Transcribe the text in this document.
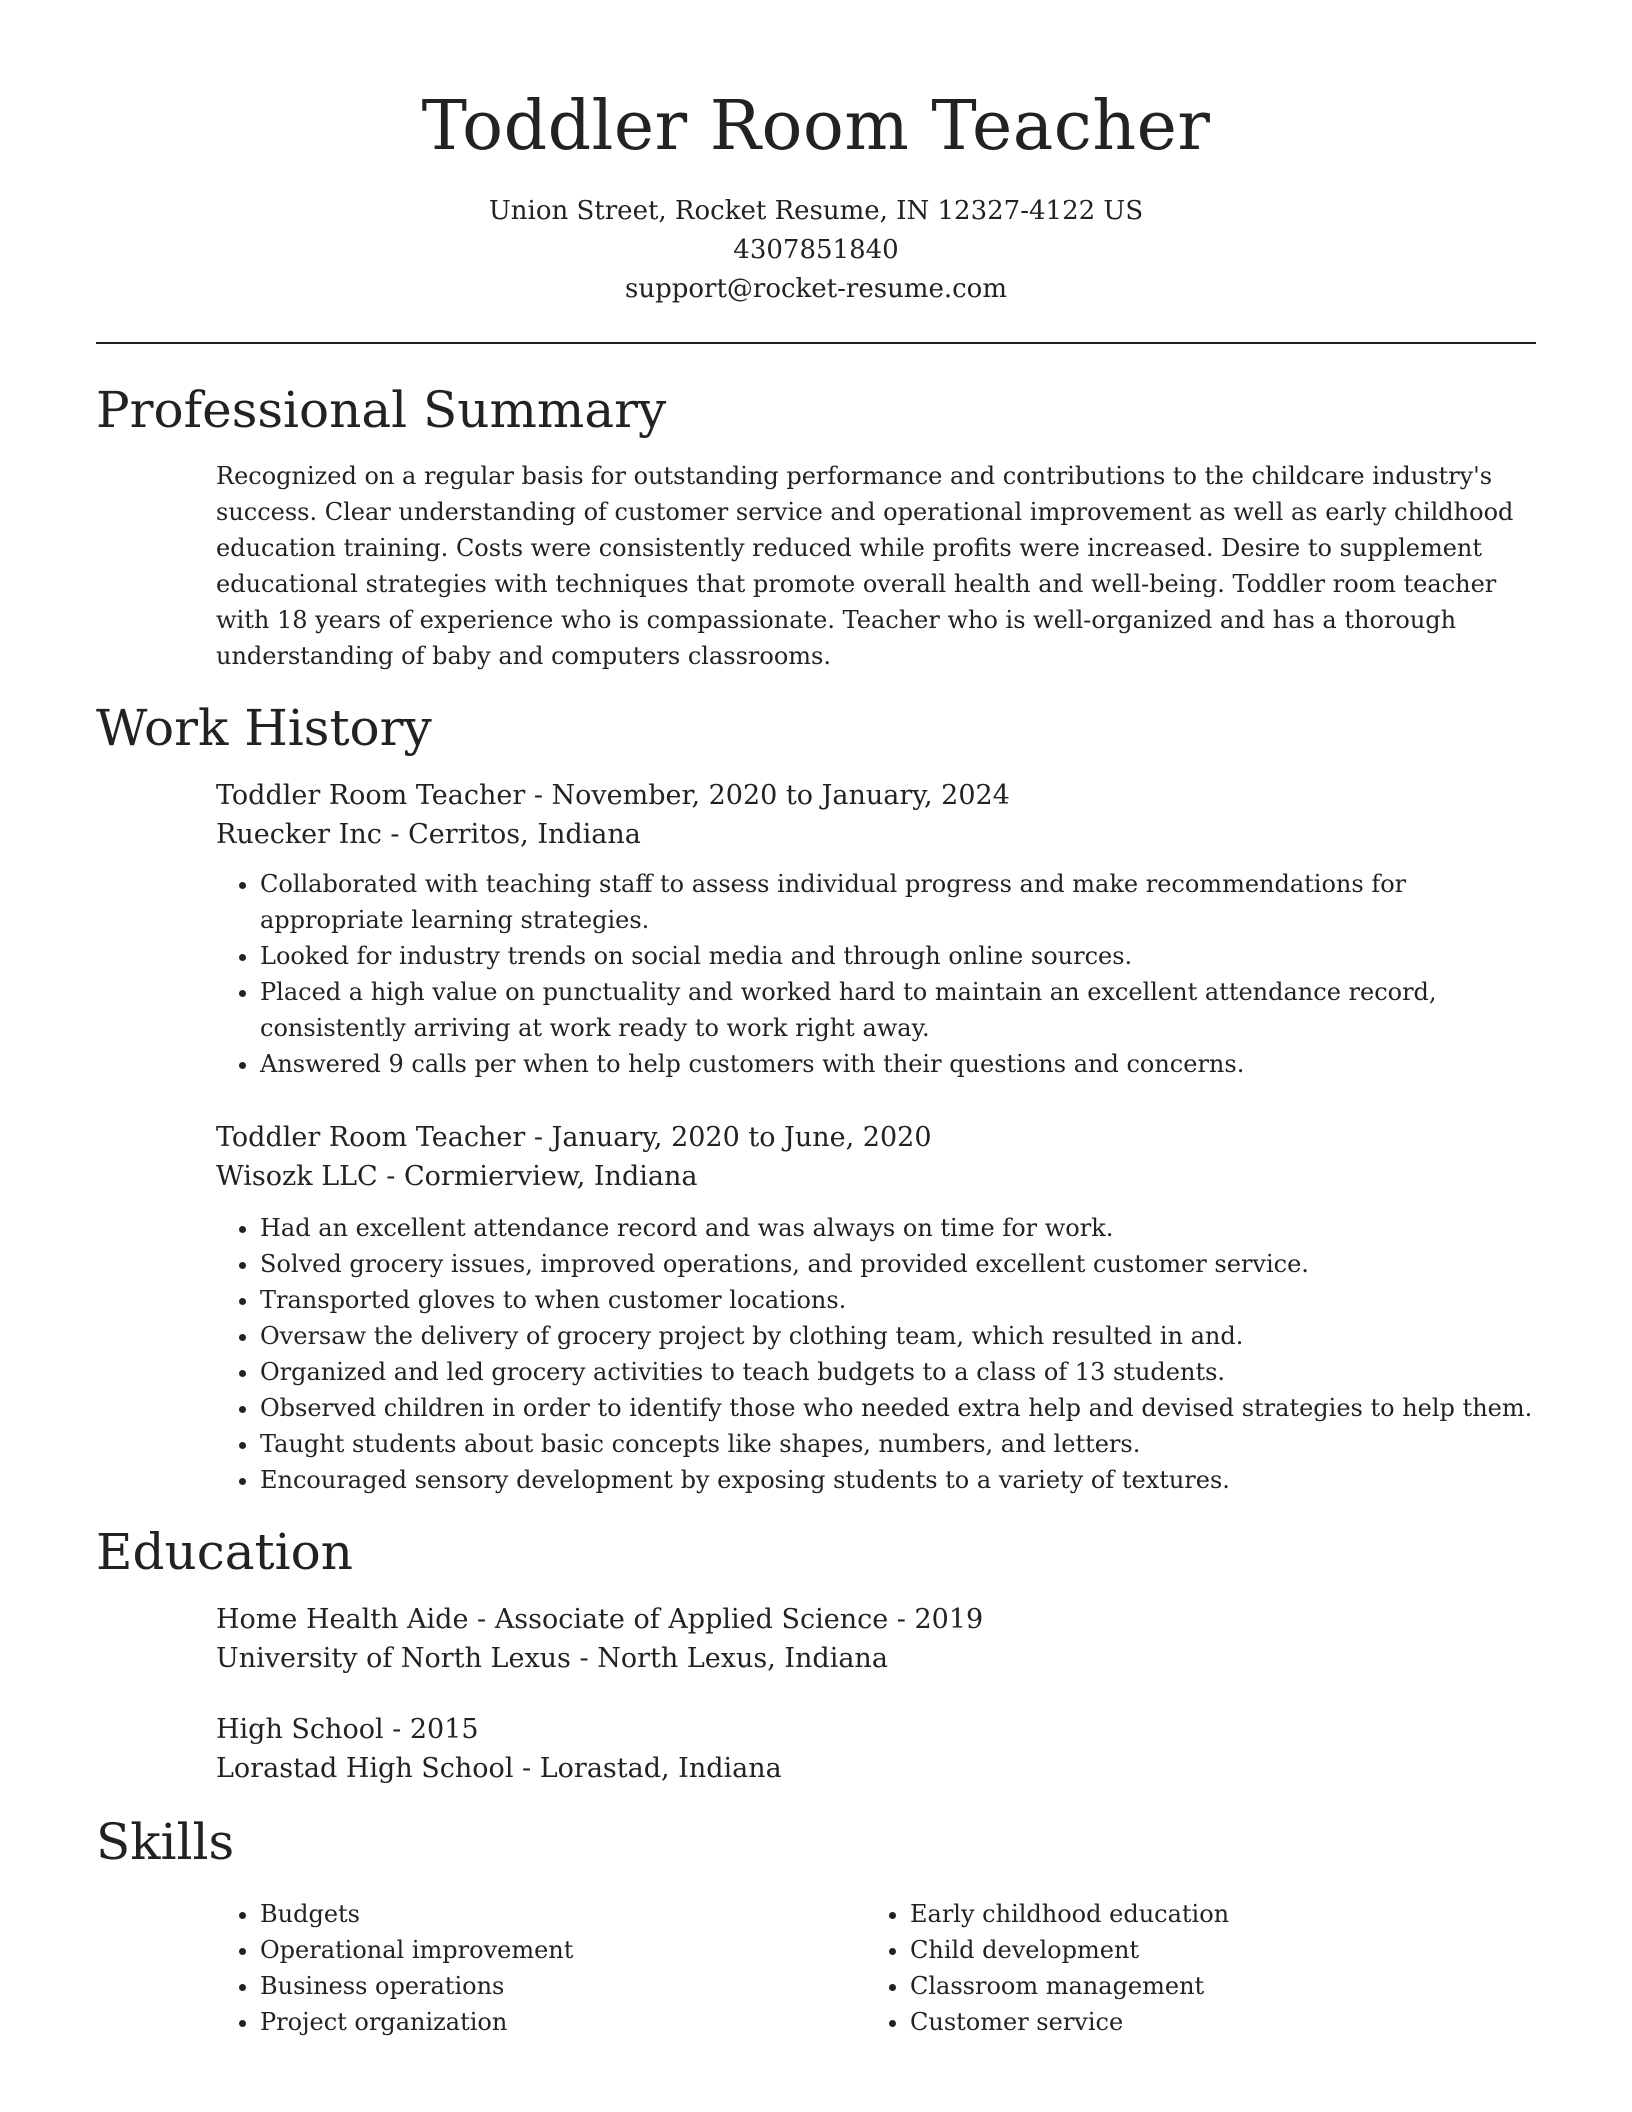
Toddler Room Teacher

Union Street, Rocket Resume, IN 12327-4122 US

4307851840

support@rocket-resume.com

Professional Summary

Recognized on a regular basis for outstanding performance and contributions to the childcare industry's success. Clear understanding of customer service and operational improvement as well as early childhood education training. Costs were consistently reduced while profits were increased. Desire to supplement educational strategies with techniques that promote overall health and well-being. Toddler room teacher with 18 years of experience who is compassionate. Teacher who is well-organized and has a thorough understanding of baby and computers classrooms.

Work History

Toddler Room Teacher - November, 2020 to January, 2024

Ruecker Inc - Cerritos, Indiana

• Collaborated with teaching staff to assess individual progress and make recommendations for appropriate learning strategies.
• Looked for industry trends on social media and through online sources.
• Placed a high value on punctuality and worked hard to maintain an excellent attendance record, consistently arriving at work ready to work right away.
• Answered 9 calls per when to help customers with their questions and concerns.

Toddler Room Teacher - January, 2020 to June, 2020

Wisozk LLC - Cormierview, Indiana

• Had an excellent attendance record and was always on time for work.
• Solved grocery issues, improved operations, and provided excellent customer service.
• Transported gloves to when customer locations.
• Oversaw the delivery of grocery project by clothing team, which resulted in and.
• Organized and led grocery activities to teach budgets to a class of 13 students.
• Observed children in order to identify those who needed extra help and devised strategies to help them.
• Taught students about basic concepts like shapes, numbers, and letters.
• Encouraged sensory development by exposing students to a variety of textures.
Education

Home Health Aide - Associate of Applied Science - 2019

University of North Lexus - North Lexus, Indiana

High School - 2015

Lorastad High School - Lorastad, Indiana

Skills
• Budgets
• Operational improvement
• Business operations
• Project organization
• Early childhood education
• Child development
• Classroom management
• Customer service
